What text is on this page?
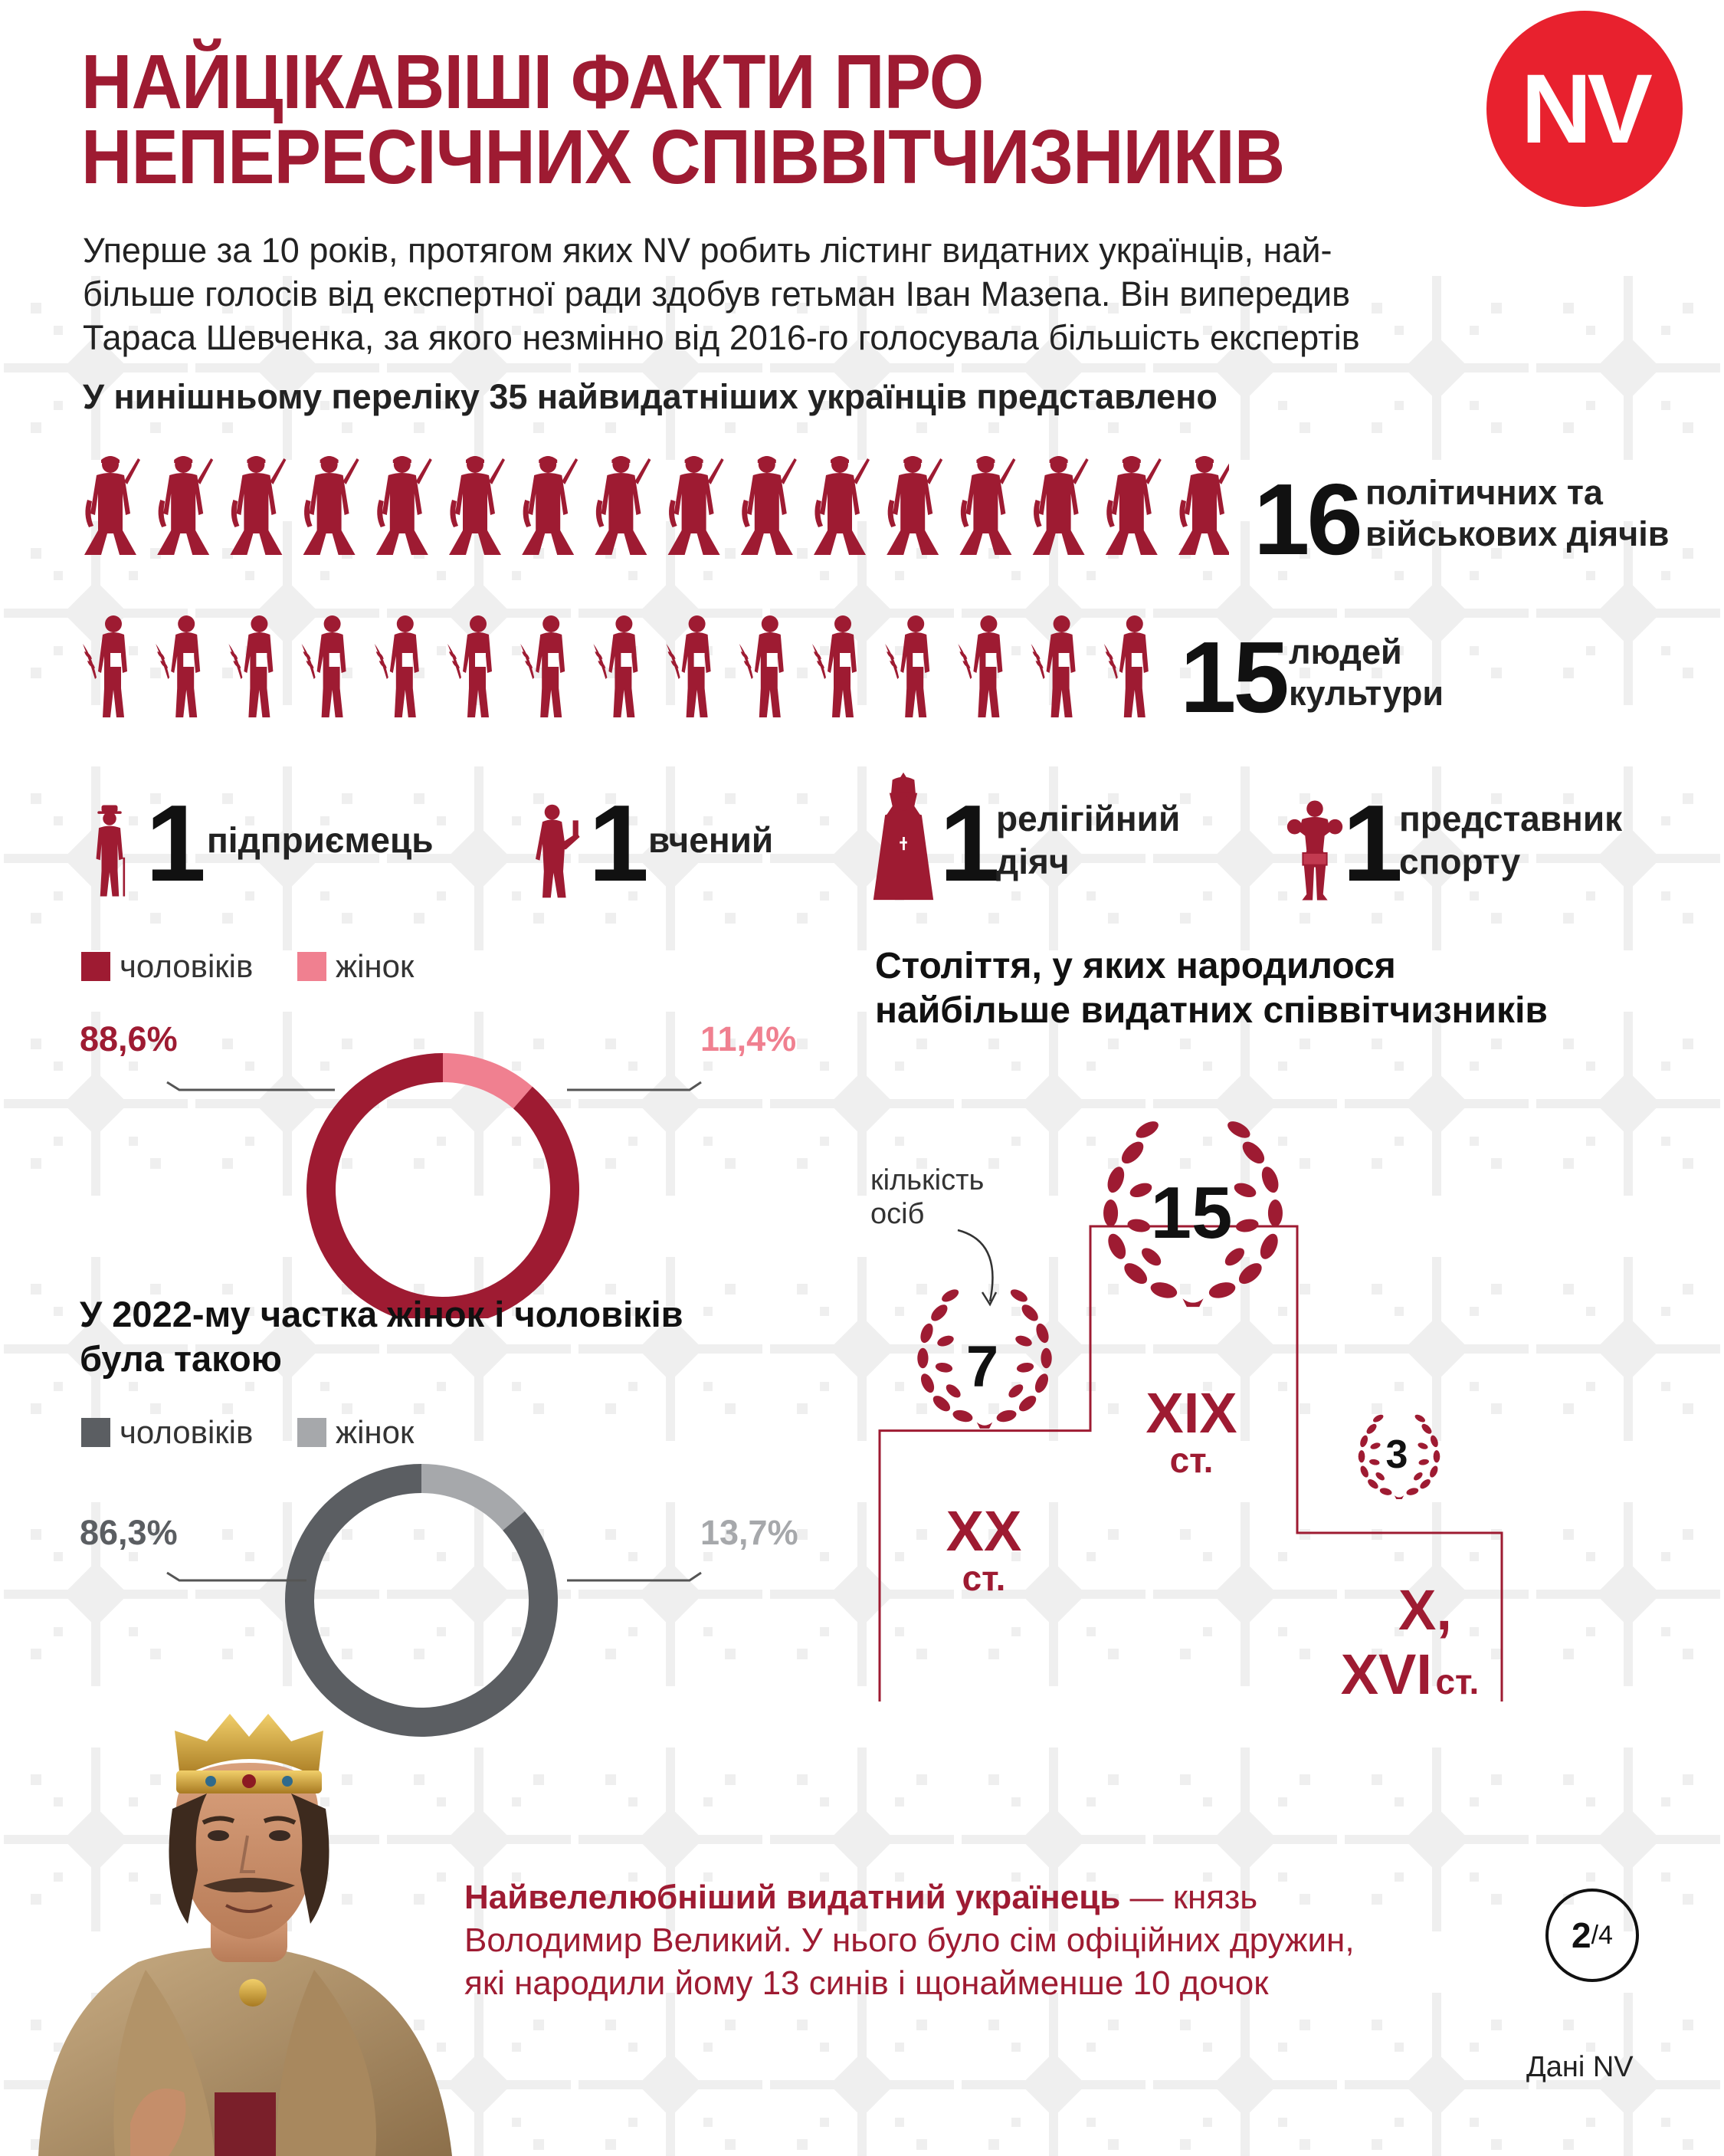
НАЙЦІКАВІШІ ФАКТИ ПРО
НЕПЕРЕСІЧНИХ СПІВВІТЧИЗНИКІВ	NV
Уперше за 10 років, протягом яких NV робить лістинг видатних українців, най-
більше голосів від експертної ради здобув гетьман Іван Мазепа. Він випередив
Тараса Шевченка, за якого незмінно від 2016-го голосувала більшість експертів
У нинішньому переліку 35 найвидатніших українців представлено
16 політичних та
військових діячів
15 людей
культури
1 підприємець 1 вчений 1
релігійний
діяч	1
представник
спорту
чоловіків	жінок
88,6%	11,4%
У 2022-му частка жінок і чоловіків
була такою
чоловіків	жінок
86,3%	13,7%
Століття, у яких народилося
найбільше видатних співвітчизників
кількість
осіб
XX
ст.
XIX
ст.
X,
XVI ст.
7
15
3
Найвелелюбніший видатний українець — князь
Володимир Великий. У нього було сім офіційних дружин,
які народили йому 13 синів і щонайменше 10 дочок
2 /4
Дані NV
